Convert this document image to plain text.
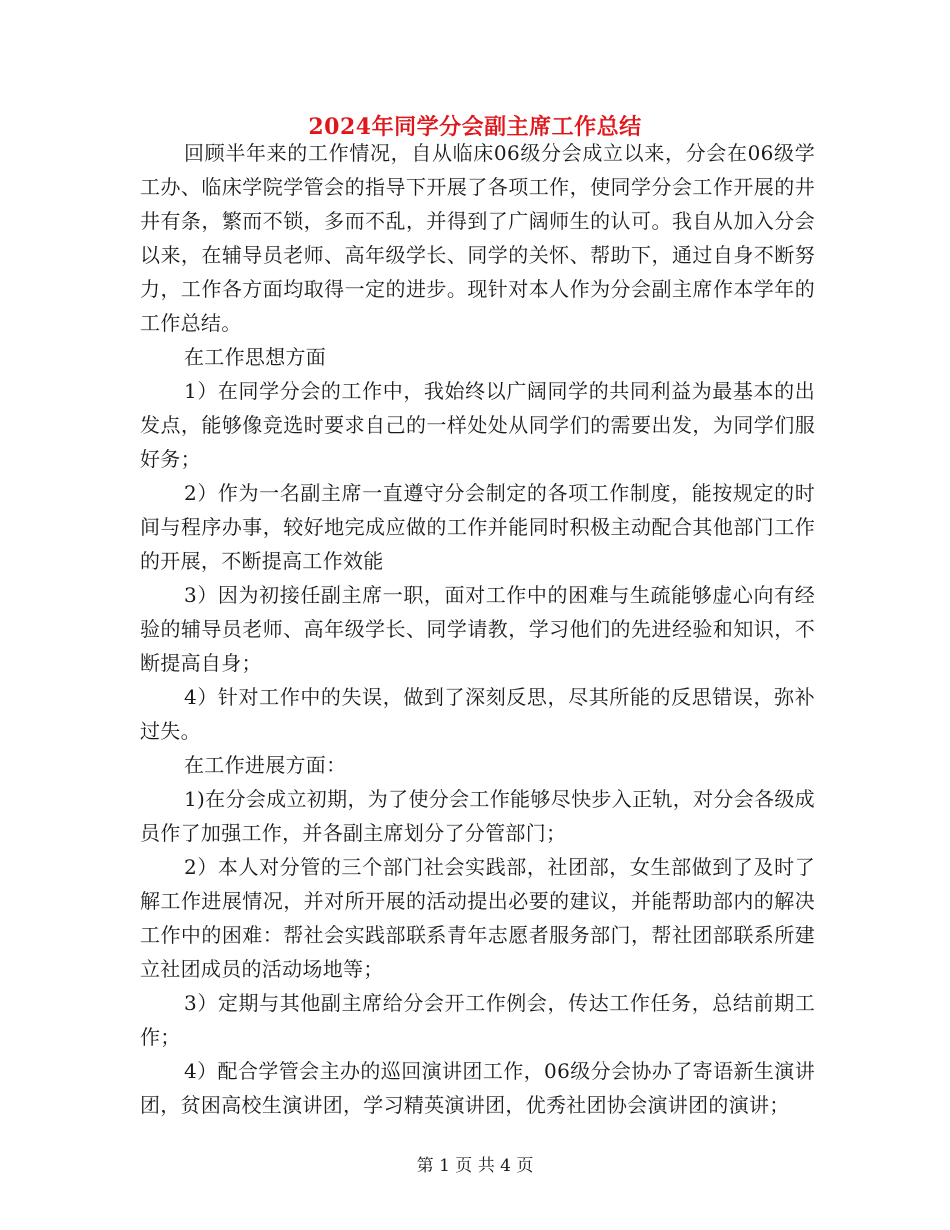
2024年同学分会副主席工作总结

回顾半年来的工作情况，自从临床06级分会成立以来，分会在06级学工办、临床学院学管会的指导下开展了各项工作，使同学分会工作开展的井井有条，繁而不锁，多而不乱，并得到了广阔师生的认可。我自从加入分会以来，在辅导员老师、高年级学长、同学的关怀、帮助下，通过自身不断努力，工作各方面均取得一定的进步。现针对本人作为分会副主席作本学年的工作总结。

在工作思想方面

1）在同学分会的工作中，我始终以广阔同学的共同利益为最基本的出发点，能够像竞选时要求自己的一样处处从同学们的需要出发，为同学们服好务；

2）作为一名副主席一直遵守分会制定的各项工作制度，能按规定的时间与程序办事，较好地完成应做的工作并能同时积极主动配合其他部门工作的开展，不断提高工作效能

3）因为初接任副主席一职，面对工作中的困难与生疏能够虚心向有经验的辅导员老师、高年级学长、同学请教，学习他们的先进经验和知识，不断提高自身；

4）针对工作中的失误，做到了深刻反思，尽其所能的反思错误，弥补过失。

在工作进展方面：

1)在分会成立初期，为了使分会工作能够尽快步入正轨，对分会各级成员作了加强工作，并各副主席划分了分管部门；

2）本人对分管的三个部门社会实践部，社团部，女生部做到了及时了解工作进展情况，并对所开展的活动提出必要的建议，并能帮助部内的解决工作中的困难：帮社会实践部联系青年志愿者服务部门，帮社团部联系所建立社团成员的活动场地等；

3）定期与其他副主席给分会开工作例会，传达工作任务，总结前期工作；

4）配合学管会主办的巡回演讲团工作，06级分会协办了寄语新生演讲团，贫困高校生演讲团，学习精英演讲团，优秀社团协会演讲团的演讲；

第 1 页 共 4 页
